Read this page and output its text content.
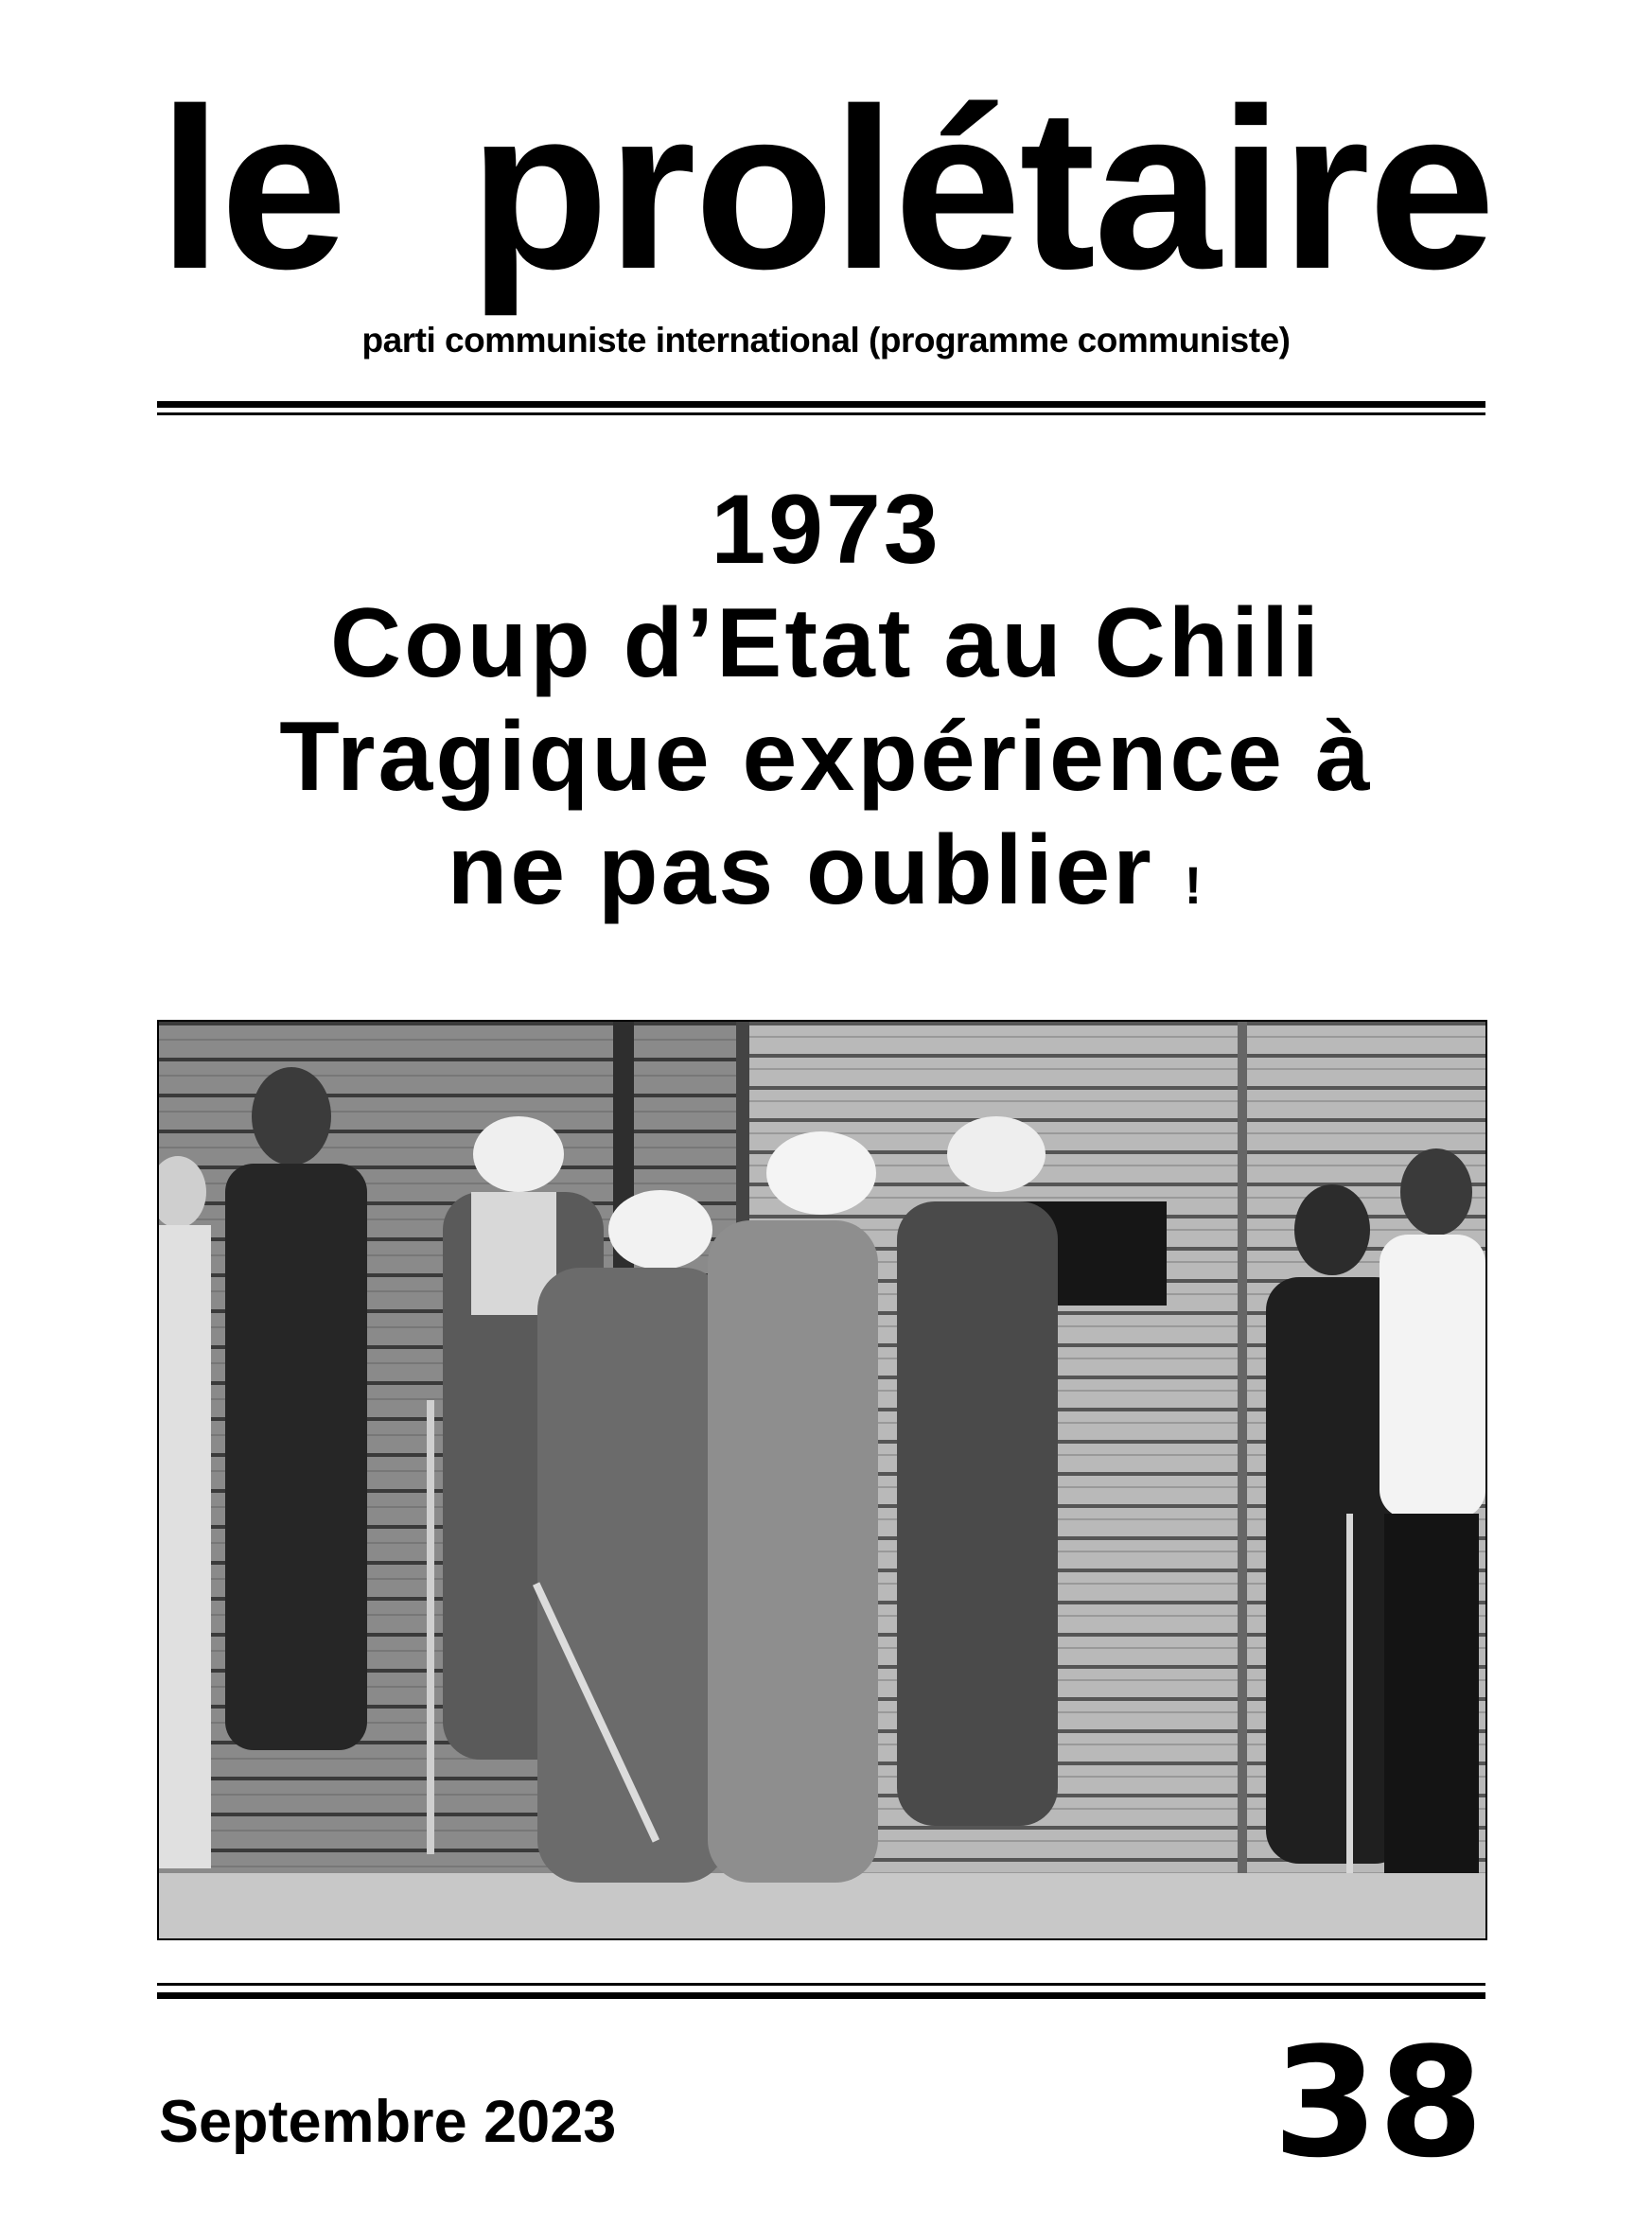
le  prolétaire
parti communiste international (programme communiste)
1973
Coup d’Etat au Chili
Tragique expérience à
ne pas oublier !
Septembre 2023	38
